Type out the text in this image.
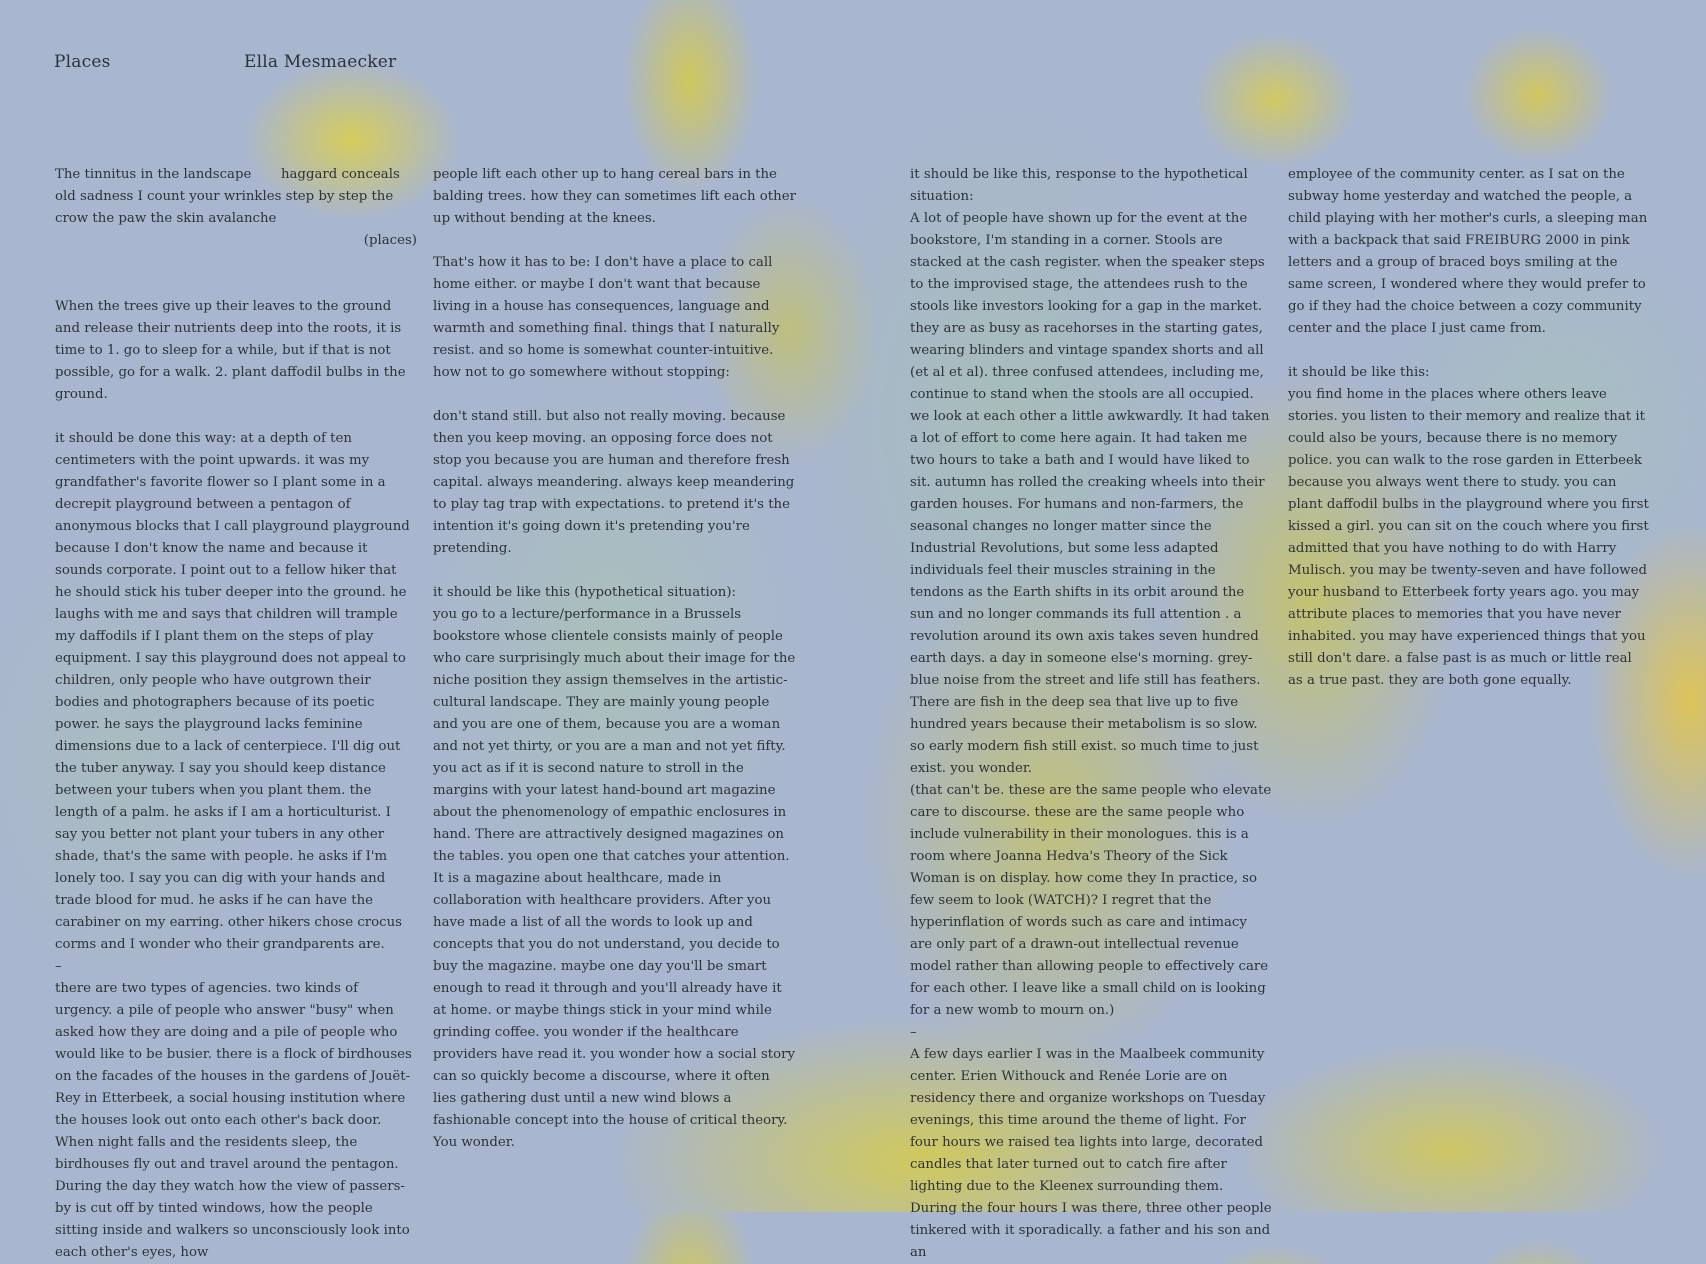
Places	Ella Mesmaecker

The tinnitus in the landscape haggard conceals old sadness I count your wrinkles step by step the crow the paw the skin avalanche

(places)

When the trees give up their leaves to the ground and release their nutrients deep into the roots, it is time to 1. go to sleep for a while, but if that is not possible, go for a walk. 2. plant daffodil bulbs in the ground.

it should be done this way: at a depth of ten centimeters with the point upwards. it was my grandfather's favorite flower so I plant some in a decrepit playground between a pentagon of anonymous blocks that I call playground playground because I don't know the name and because it sounds corporate. I point out to a fellow hiker that he should stick his tuber deeper into the ground. he laughs with me and says that children will trample my daffodils if I plant them on the steps of play equipment. I say this playground does not appeal to children, only people who have outgrown their bodies and photographers because of its poetic power. he says the playground lacks feminine dimensions due to a lack of centerpiece. I'll dig out the tuber anyway. I say you should keep distance between your tubers when you plant them. the length of a palm. he asks if I am a horticulturist. I say you better not plant your tubers in any other shade, that's the same with people. he asks if I'm lonely too. I say you can dig with your hands and trade blood for mud. he asks if he can have the carabiner on my earring. other hikers chose crocus corms and I wonder who their grandparents are.

–

there are two types of agencies. two kinds of urgency. a pile of people who answer "busy" when asked how they are doing and a pile of people who would like to be busier. there is a flock of birdhouses on the facades of the houses in the gardens of Jouët-Rey in Etterbeek, a social housing institution where the houses look out onto each other's back door. When night falls and the residents sleep, the birdhouses fly out and travel around the pentagon. During the day they watch how the view of passers-by is cut off by tinted windows, how the people sitting inside and walkers so unconsciously look into each other's eyes, how

people lift each other up to hang cereal bars in the balding trees. how they can sometimes lift each other up without bending at the knees.

That's how it has to be: I don't have a place to call home either. or maybe I don't want that because living in a house has consequences, language and warmth and something final. things that I naturally resist. and so home is somewhat counter-intuitive. how not to go somewhere without stopping:

don't stand still. but also not really moving. because then you keep moving. an opposing force does not stop you because you are human and therefore fresh capital. always meandering. always keep meandering to play tag trap with expectations. to pretend it's the intention it's going down it's pretending you're pretending.

it should be like this (hypothetical situation):

you go to a lecture/performance in a Brussels bookstore whose clientele consists mainly of people who care surprisingly much about their image for the niche position they assign themselves in the artistic-cultural landscape. They are mainly young people and you are one of them, because you are a woman and not yet thirty, or you are a man and not yet fifty. you act as if it is second nature to stroll in the margins with your latest hand-bound art magazine about the phenomenology of empathic enclosures in hand. There are attractively designed magazines on the tables. you open one that catches your attention. It is a magazine about healthcare, made in collaboration with healthcare providers. After you have made a list of all the words to look up and concepts that you do not understand, you decide to buy the magazine. maybe one day you'll be smart enough to read it through and you'll already have it at home. or maybe things stick in your mind while grinding coffee. you wonder if the healthcare providers have read it. you wonder how a social story can so quickly become a discourse, where it often lies gathering dust until a new wind blows a fashionable concept into the house of critical theory. You wonder.

it should be like this, response to the hypothetical situation:

A lot of people have shown up for the event at the bookstore, I'm standing in a corner. Stools are stacked at the cash register. when the speaker steps to the improvised stage, the attendees rush to the stools like investors looking for a gap in the market. they are as busy as racehorses in the starting gates, wearing blinders and vintage spandex shorts and all (et al et al). three confused attendees, including me, continue to stand when the stools are all occupied. we look at each other a little awkwardly. It had taken a lot of effort to come here again. It had taken me two hours to take a bath and I would have liked to sit. autumn has rolled the creaking wheels into their garden houses. For humans and non-farmers, the seasonal changes no longer matter since the Industrial Revolutions, but some less adapted individuals feel their muscles straining in the tendons as the Earth shifts in its orbit around the sun and no longer commands its full attention . a revolution around its own axis takes seven hundred earth days. a day in someone else's morning. grey-blue noise from the street and life still has feathers. There are fish in the deep sea that live up to five hundred years because their metabolism is so slow. so early modern fish still exist. so much time to just exist. you wonder.

(that can't be. these are the same people who elevate care to discourse. these are the same people who include vulnerability in their monologues. this is a room where Joanna Hedva's Theory of the Sick Woman is on display. how come they In practice, so few seem to look (WATCH)? I regret that the hyperinflation of words such as care and intimacy are only part of a drawn-out intellectual revenue model rather than allowing people to effectively care for each other. I leave like a small child on is looking for a new womb to mourn on.)

–

A few days earlier I was in the Maalbeek community center. Erien Withouck and Renée Lorie are on residency there and organize workshops on Tuesday evenings, this time around the theme of light. For four hours we raised tea lights into large, decorated candles that later turned out to catch fire after lighting due to the Kleenex surrounding them. During the four hours I was there, three other people tinkered with it sporadically. a father and his son and an

employee of the community center. as I sat on the subway home yesterday and watched the people, a child playing with her mother's curls, a sleeping man with a backpack that said FREIBURG 2000 in pink letters and a group of braced boys smiling at the same screen, I wondered where they would prefer to go if they had the choice between a cozy community center and the place I just came from.

it should be like this:

you find home in the places where others leave stories. you listen to their memory and realize that it could also be yours, because there is no memory police. you can walk to the rose garden in Etterbeek because you always went there to study. you can plant daffodil bulbs in the playground where you first kissed a girl. you can sit on the couch where you first admitted that you have nothing to do with Harry Mulisch. you may be twenty-seven and have followed your husband to Etterbeek forty years ago. you may attribute places to memories that you have never inhabited. you may have experienced things that you still don't dare. a false past is as much or little real as a true past. they are both gone equally.
